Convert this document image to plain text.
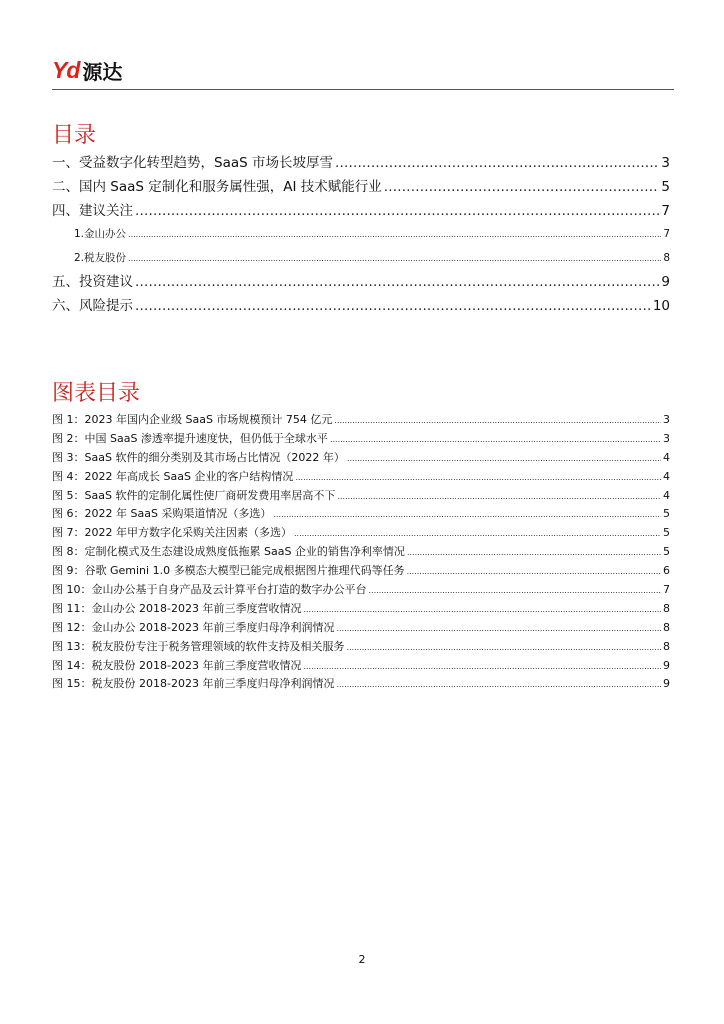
Yd 源达
目录
一、受益数字化转型趋势，SaaS 市场长坡厚雪 .....	3
二、国内 SaaS 定制化和服务属性强，AI 技术赋能行业 .....	5
四、建议关注 .....	7
1.金山办公 .....	7
2.税友股份 .....	8
五、投资建议 .....	9
六、风险提示 .....	10
图表目录
图 1：2023 年国内企业级 SaaS 市场规模预计 754 亿元 .....	3
图 2：中国 SaaS 渗透率提升速度快，但仍低于全球水平 .....	3
图 3：SaaS 软件的细分类别及其市场占比情况（2022 年） .....	4
图 4：2022 年高成长 SaaS 企业的客户结构情况 .....	4
图 5：SaaS 软件的定制化属性使厂商研发费用率居高不下 .....	4
图 6：2022 年 SaaS 采购渠道情况（多选） .....	5
图 7：2022 年甲方数字化采购关注因素（多选） .....	5
图 8：定制化模式及生态建设成熟度低拖累 SaaS 企业的销售净利率情况 .....	5
图 9：谷歌 Gemini 1.0 多模态大模型已能完成根据图片推理代码等任务 .....	6
图 10：金山办公基于自身产品及云计算平台打造的数字办公平台 .....	7
图 11：金山办公 2018-2023 年前三季度营收情况 .....	8
图 12：金山办公 2018-2023 年前三季度归母净利润情况 .....	8
图 13：税友股份专注于税务管理领域的软件支持及相关服务 .....	8
图 14：税友股份 2018-2023 年前三季度营收情况 .....	9
图 15：税友股份 2018-2023 年前三季度归母净利润情况 .....	9
2
